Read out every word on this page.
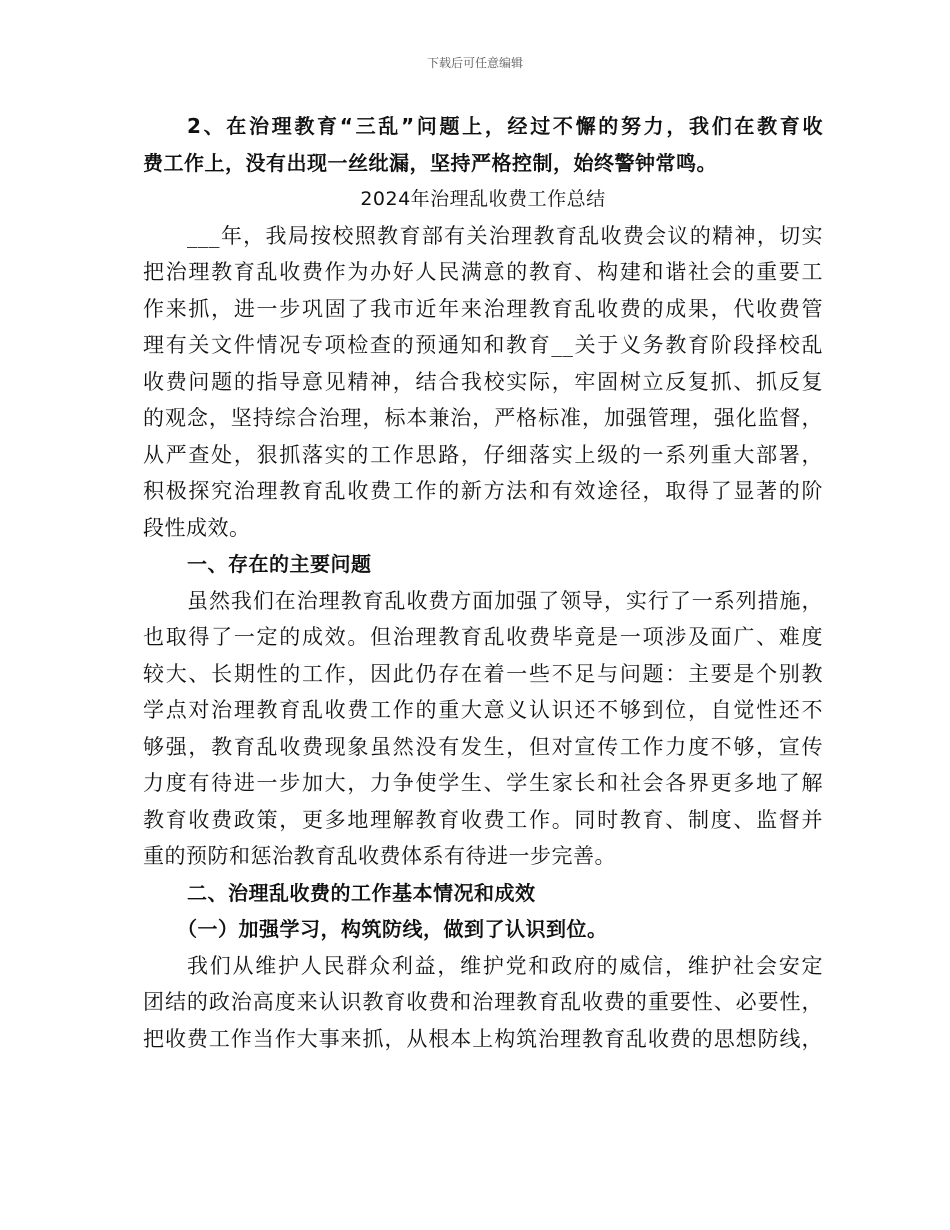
下载后可任意编辑
2、在治理教育“三乱”问题上，经过不懈的努力，我们在教育收
费工作上，没有出现一丝纰漏，坚持严格控制，始终警钟常鸣。
2024年治理乱收费工作总结
___年，我局按校照教育部有关治理教育乱收费会议的精神，切实
把治理教育乱收费作为办好人民满意的教育、构建和谐社会的重要工
作来抓，进一步巩固了我市近年来治理教育乱收费的成果，代收费管
理有关文件情况专项检查的预通知和教育__关于义务教育阶段择校乱
收费问题的指导意见精神，结合我校实际，牢固树立反复抓、抓反复
的观念，坚持综合治理，标本兼治，严格标准，加强管理，强化监督，
从严查处，狠抓落实的工作思路，仔细落实上级的一系列重大部署，
积极探究治理教育乱收费工作的新方法和有效途径，取得了显著的阶
段性成效。
一、存在的主要问题
虽然我们在治理教育乱收费方面加强了领导，实行了一系列措施，
也取得了一定的成效。但治理教育乱收费毕竟是一项涉及面广、难度
较大、长期性的工作，因此仍存在着一些不足与问题：主要是个别教
学点对治理教育乱收费工作的重大意义认识还不够到位，自觉性还不
够强，教育乱收费现象虽然没有发生，但对宣传工作力度不够，宣传
力度有待进一步加大，力争使学生、学生家长和社会各界更多地了解
教育收费政策，更多地理解教育收费工作。同时教育、制度、监督并
重的预防和惩治教育乱收费体系有待进一步完善。
二、治理乱收费的工作基本情况和成效
（一）加强学习，构筑防线，做到了认识到位。
我们从维护人民群众利益，维护党和政府的威信，维护社会安定
团结的政治高度来认识教育收费和治理教育乱收费的重要性、必要性，
把收费工作当作大事来抓，从根本上构筑治理教育乱收费的思想防线，
